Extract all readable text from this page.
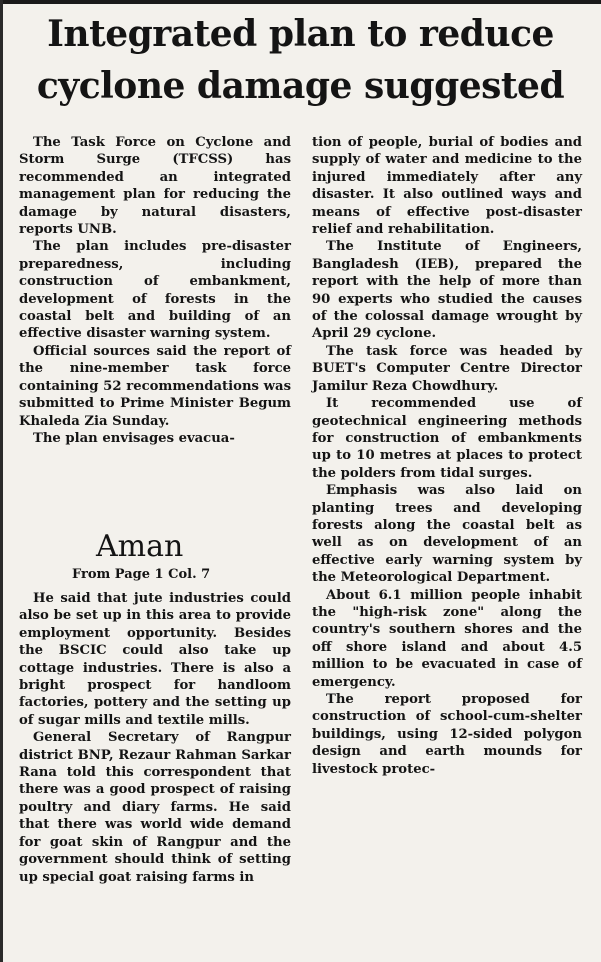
Integrated plan to reduce
cyclone damage suggested

The Task Force on Cyclone and Storm Surge (TFCSS) has recommended an integrated management plan for reducing the damage by natural disasters, reports UNB.

The plan includes pre-disaster preparedness, including construction of embankment, development of forests in the coastal belt and building of an effective disaster warning system.

Official sources said the report of the nine-member task force containing 52 recommendations was submitted to Prime Minister Begum Khaleda Zia Sunday.

The plan envisages evacua-

Aman
From Page 1 Col. 7

He said that jute industries could also be set up in this area to provide employment opportunity. Besides the BSCIC could also take up cottage industries. There is also a bright prospect for handloom factories, pottery and the setting up of sugar mills and textile mills.

General Secretary of Rangpur district BNP, Rezaur Rahman Sarkar Rana told this correspondent that there was a good prospect of raising poultry and diary farms. He said that there was world wide demand for goat skin of Rangpur and the government should think of setting up special goat raising farms in

tion of people, burial of bodies and supply of water and medicine to the injured immediately after any disaster. It also outlined ways and means of effective post-disaster relief and rehabilitation.

The Institute of Engineers, Bangladesh (IEB), prepared the report with the help of more than 90 experts who studied the causes of the colossal damage wrought by April 29 cyclone.

The task force was headed by BUET's Computer Centre Director Jamilur Reza Chowdhury.

It recommended use of geotechnical engineering methods for construction of embankments up to 10 metres at places to protect the polders from tidal surges.

Emphasis was also laid on planting trees and developing forests along the coastal belt as well as on development of an effective early warning system by the Meteorological Department.

About 6.1 million people inhabit the "high-risk zone" along the country's southern shores and the off shore island and about 4.5 million to be evacuated in case of emergency.

The report proposed for construction of school-cum-shelter buildings, using 12-sided polygon design and earth mounds for livestock protec-
